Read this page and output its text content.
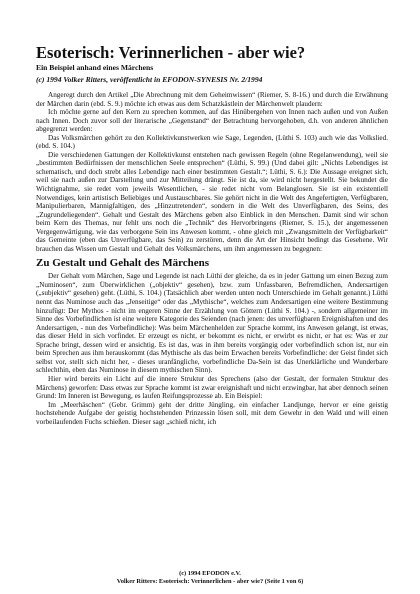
Esoterisch: Verinnerlichen - aber wie?
Ein Beispiel anhand eines Märchens
(c) 1994 Volker Ritters, veröffentlicht in EFODON-SYNESIS Nr. 2/1994

Angeregt durch den Artikel „Die Abrechnung mit dem Geheimwissen“ (Riemer, S. 8-16.) und durch die Erwähnung der Märchen darin (ebd. S. 9.) möchte ich etwas aus dem Schatzkästlein der Märchenwelt plaudern:

Ich möchte gerne auf den Kern zu sprechen kommen, auf das Hinübergehen von Innen nach außen und von Außen nach Innen. Doch zuvor soll der literarische „Gegenstand“ der Betrachtung hervorgehoben, d.h. von anderen ähnlichen abgegrenzt werden:

Das Volksmärchen gehört zu den Kollektivkunstwerken wie Sage, Legenden, (Lüthi S. 103) auch wie das Volkslied. (ebd. S. 104.)

Die verschiedenen Gattungen der Kollektivkunst entstehen nach gewissen Regeln (ohne Regelanwendung), weil sie „bestimmten Bedürfnissen der menschlichen Seele entsprechen“ (Lüthi, S. 99.) (Und dabei gilt: „Nichts Lebendiges ist schematisch, und doch strebt alles Lebendige nach einer bestimmten Gestalt.“; Lüthi, S. 6.): Die Aussage ereignet sich, weil sie nach außen zur Darstellung und zur Mitteilung drängt. Sie ist da, sie wird nicht hergestellt. Sie bekundet die Wichtignahme, sie redet vom jeweils Wesentlichen, - sie redet nicht vom Belanglosen. Sie ist ein existentiell Notwendiges, kein artistisch Beliebiges und Austauschbares. Sie gehört nicht in die Welt des Angefertigten, Verfügbaren, Manipulierbaren, Mannigfaltigen, des „Hinzutretenden“, sondern in die Welt des Unverfügbaren, des Seins, des „Zugrundeliegenden“. Gehalt und Gestalt des Märchens geben also Einblick in den Menschen. Damit sind wir schon beim Kern des Themas, nur fehlt uns noch die „Technik“ des Hervorbringens (Riemer, S. 15.), der angemessenen Vergegenwärtigung, wie das verborgene Sein ins Anwesen kommt, - ohne gleich mit „Zwangsmitteln der Verfügbarkeit“ das Gemeinte (eben das Unverfügbare, das Sein) zu zerstören, denn die Art der Hinsicht bedingt das Gesehene. Wir brauchen das Wissen um Gestalt und Gehalt des Volksmärchens, um ihm angemessen zu begegnen:

Zu Gestalt und Gehalt des Märchens

Der Gehalt vom Märchen, Sage und Legende ist nach Lüthi der gleiche, da es in jeder Gattung um einen Bezug zum „Numinosen“, zum Überwirklichen („objektiv“ gesehen), bzw. zum Unfassbaren, Befremdlichen, Andersartigen („subjektiv“ gesehen) geht. (Lüthi, S. 104.) (Tatsächlich aber werden unten noch Unterschiede im Gehalt genannt.) Lüthi nennt das Numinose auch das „Jenseitige“ oder das „Mythische“, welches zum Andersartigen eine weitere Bestimmung hinzufügt: Der Mythos - nicht im engeren Sinne der Erzählung von Göttern (Lüthi S. 104.) -, sondern allgemeiner im Sinne des Vorbefindlichen ist eine weitere Kategorie des Seienden (nach jenen: des unverfügbaren Ereignishaften und des Andersartigen, - nun des Vorbefindliche): Was beim Märchenhelden zur Sprache kommt, ins Anwesen gelangt, ist etwas, das dieser Held in sich vorfindet. Er erzeugt es nicht, er bekommt es nicht, er erwirbt es nicht, er hat es: Was er zur Sprache bringt, dessen wird er ansichtig. Es ist das, was in ihm bereits vorgängig oder vorbefindlich schon ist, nur ein beim Sprechen aus ihm herauskommt (das Mythische als das beim Erwachen bereits Vorbefindliche: der Geist findet sich selbst vor, stellt sich nicht her, - dieses uranfängliche, vorbefindliche Da-Sein ist das Unerklärliche und Wunderbare schlechthin, eben das Numinose in diesem mythischen Sinn).

Hier wird bereits ein Licht auf die innere Struktur des Sprechens (also der Gestalt, der formalen Struktur des Märchens) geworfen: Dass etwas zur Sprache kommt ist zwar ereignishaft und nicht erzwingbar, hat aber dennoch seinen Grund: Im Inneren ist Bewegung, es laufen Reifungsprozesse ab. Ein Beispiel:

Im „Meerhäschen“ (Gebr. Grimm) geht der dritte Jüngling, ein einfacher Landjunge, hervor er eine geistig hochstehende Aufgabe der geistig hochstehenden Prinzessin lösen soll, mit dem Gewehr in den Wald und will einen vorbeilaufenden Fuchs schießen. Dieser sagt „schieß nicht, ich

(c) 1994 EFODON e.V.
Volker Ritters: Esoterisch: Verinnerlichen - aber wie? (Seite 1 von 6)
